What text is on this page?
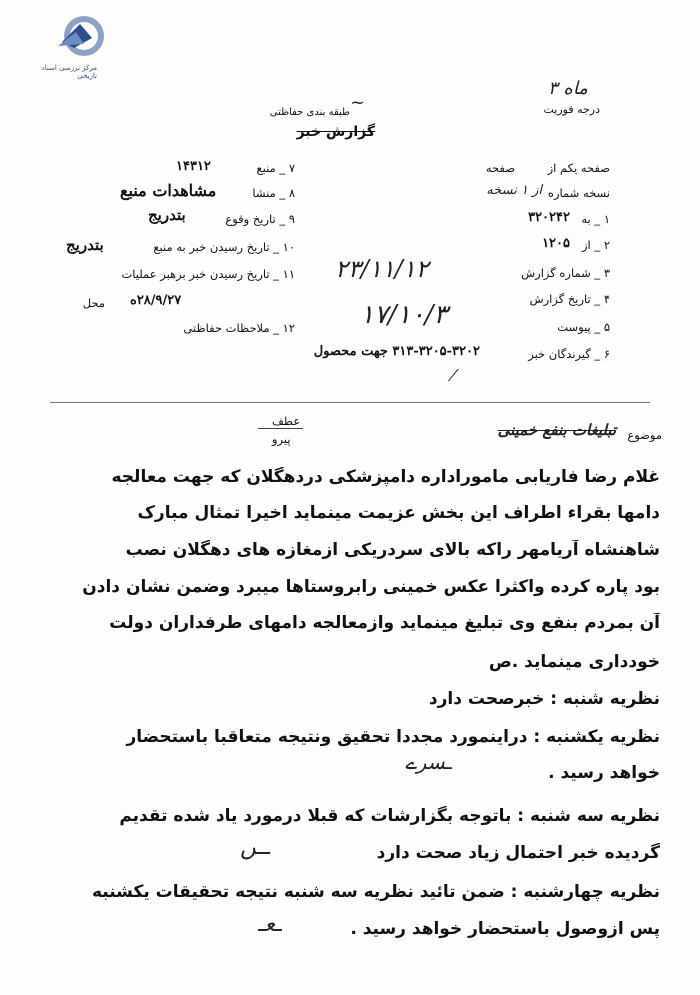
مرکز بررسی اسناد تاریخی
۳ ماه
درجه فوریت
طبقه بندی حفاظتی ~
گزارش خبر
صفحه یکم از
صفحه
نسخه شماره
از ۱ نسخه
۱ _ به
۳۲۰۲۴۲
۲ _ از
۱۲۰۵
۳ _ شماره گزارش
۲۳/۱۱/۱۲
۴ _ تاریخ گزارش
۱۷/۱۰/۳	۵ _ پیوست
۶ _ گیرندگان خبر
۳۱۳-۳۲۰۵-۳۲۰۲ جهت محصول
⁄
۷ _ منبع
۱۴۳۱۲
۸ _ منشا
مشاهدات منبع
۹ _ تاریخ وقوع
بتدریج
۱۰ _ تاریخ رسیدن خبر به منبع
بتدریج
۱۱ _ تاریخ رسیدن خبر برهبر عملیات
محل ۲۸/۹/۲۷ه
۱۲ _ ملاحظات حفاظتی
موضوع
تبلیغات بنفع خمینی
عطف
پیرو
غلام رضا فاریابی ماموراداره دامپزشکی دردهگلان که جهت معالجه
دامها بقراء اطراف این بخش عزیمت مینماید اخیرا تمثال مبارک
شاهنشاه آریامهر راکه بالای سردریکی ازمغازه های دهگلان نصب
بود پاره کرده واکثرا عکس خمینی رابروستاها میبرد وضمن نشان دادن
آن بمردم بنفع وی تبلیغ مینماید وازمعالجه دامهای طرفداران دولت
خودداری مینماید .ص
نظریه شنبه : خبرصحت دارد
نظریه یکشنبه : دراینمورد مجددا تحقیق ونتیجه متعاقبا باستحضار
خواهد رسید .
ـﺴﺮے
نظریه سه شنبه : باتوجه بگزارشات که قبلا درمورد یاد شده تقدیم
گردیده خبر احتمال زیاد صحت دارد
ــﮟ
نظریه چهارشنبه : ضمن تائید نظریه سه شنبه نتیجه تحقیقات یکشنبه
پس ازوصول باستحضار خواهد رسید .
ـﻌـ
